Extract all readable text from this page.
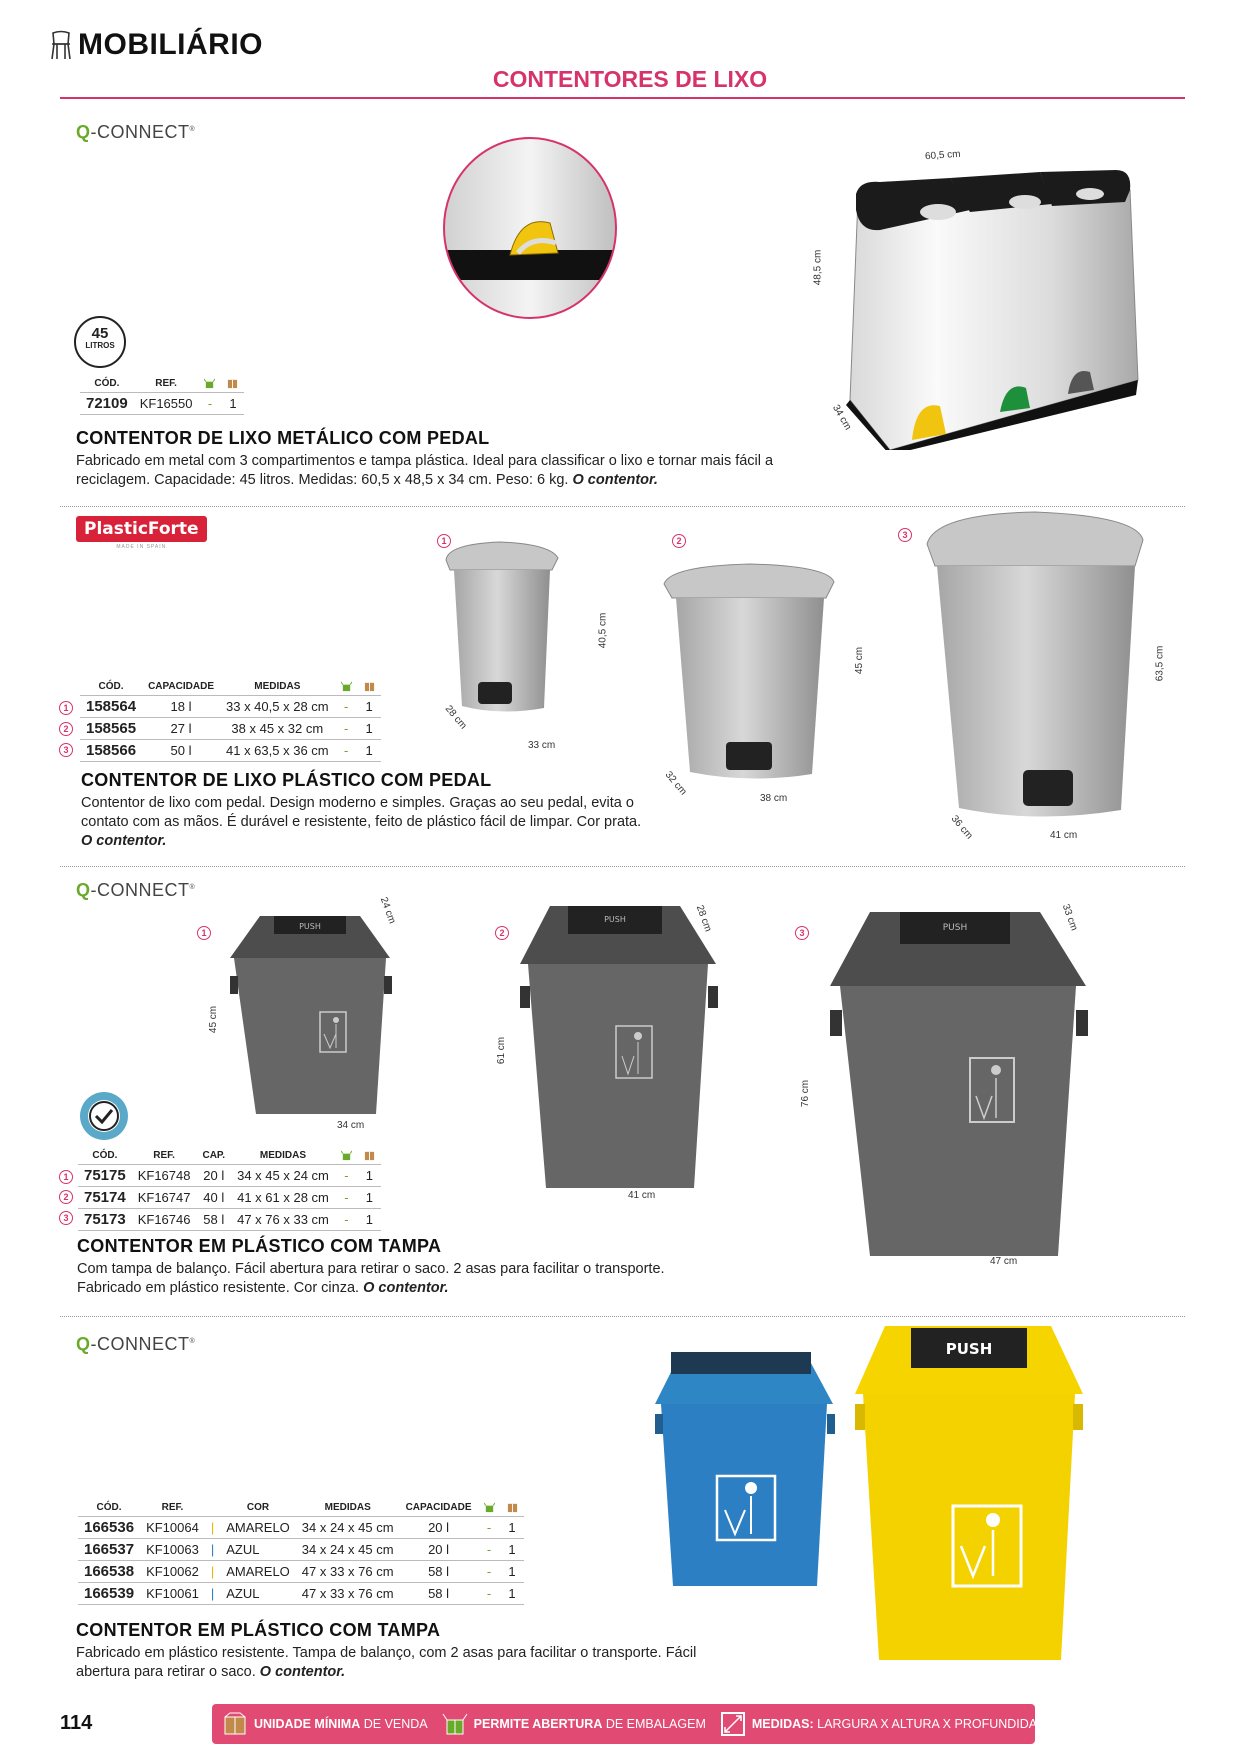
MOBILIÁRIO
CONTENTORES DE LIXO
Q-CONNECT®
60,5 cm
48,5 cm
34 cm
45
LITROS
CÓD.	REF.		
72109	KF16550	-	1
CONTENTOR DE LIXO METÁLICO COM PEDAL
Fabricado em metal com 3 compartimentos e tampa plástica. Ideal para classificar o lixo e tornar mais fácil a reciclagem. Capacidade: 45 litros. Medidas: 60,5 x 48,5 x 34 cm. Peso: 6 kg. O contentor.
PlasticForte
MADE IN SPAIN
1	2
3
40,5 cm
28 cm
33 cm
45 cm
32 cm
38 cm
63,5 cm
36 cm	41 cm
1
2
3
CÓD.	CAPACIDADE	MEDIDAS		
158564	18 l	33 x 40,5 x 28 cm	-	1
158565	27 l	38 x 45 x 32 cm	-	1
158566	50 l	41 x 63,5 x 36 cm	-	1
CONTENTOR DE LIXO PLÁSTICO COM PEDAL
Contentor de lixo com pedal. Design moderno e simples. Graças ao seu pedal, evita o contato com as mãos. É durável e resistente, feito de plástico fácil de limpar. Cor prata. O contentor.
Q-CONNECT®
1	2	3
PUSH
45 cm
24 cm
34 cm
PUSH
61 cm
28 cm
41 cm
PUSH
76 cm
33 cm
47 cm
1
2
3
CÓD.	REF.	CAP.	MEDIDAS		
75175	KF16748	20 l	34 x 45 x 24 cm	-	1
75174	KF16747	40 l	41 x 61 x 28 cm	-	1
75173	KF16746	58 l	47 x 76 x 33 cm	-	1
CONTENTOR EM PLÁSTICO COM TAMPA
Com tampa de balanço. Fácil abertura para retirar o saco. 2 asas para facilitar o transporte. Fabricado em plástico resistente. Cor cinza. O contentor.
Q-CONNECT®	PUSH
CÓD.	REF.		COR	MEDIDAS	CAPACIDADE		
166536	KF10064	|	AMARELO	34 x 24 x 45 cm	20 l	-	1
166537	KF10063	|	AZUL	34 x 24 x 45 cm	20 l	-	1
166538	KF10062	|	AMARELO	47 x 33 x 76 cm	58 l	-	1
166539	KF10061	|	AZUL	47 x 33 x 76 cm	58 l	-	1
CONTENTOR EM PLÁSTICO COM TAMPA
Fabricado em plástico resistente. Tampa de balanço, com 2 asas para facilitar o transporte. Fácil abertura para retirar o saco. O contentor.
114	UNIDADE MÍNIMA DE VENDA	PERMITE ABERTURA DE EMBALAGEM	MEDIDAS: LARGURA X ALTURA X PROFUNDIDADE
